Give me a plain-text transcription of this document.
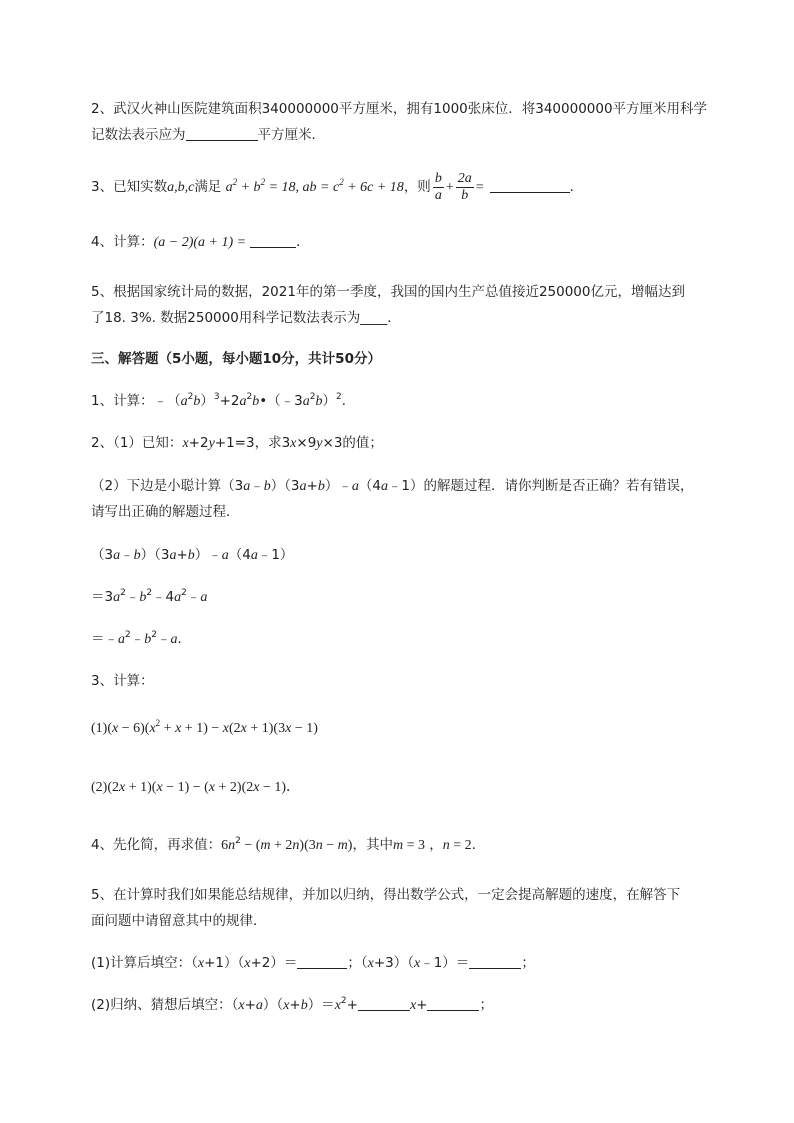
2、武汉火神山医院建筑面积340000000平方厘米，拥有1000张床位．将340000000平方厘米用科学
记数法表示应为	平方厘米．
3、已知实数a,b,c满足 $a^2 + b^2 = 18$, ab = $c^2 + 6c + 18$，则 $\frac{b}{a} + \frac{2a}{b}$ =	．
4、计算：(a − 2)(a + 1) =	．
5、根据国家统计局的数据，2021年的第一季度，我国的国内生产总值接近250000亿元，增幅达到
了18. 3%. 数据250000用科学记数法表示为____．
三、解答题（5小题，每小题10分，共计50分）
1、计算：$﹣(a^2b)^3+2a^2b•(﹣3a^2b)^2$．
2、（1）已知：x+2y+1=3，求3x×9y×3的值；
（2）下边是小聪计算（3a﹣b）（3a+b）﹣a（4a﹣1）的解题过程．请你判断是否正确？若有错误，
请写出正确的解题过程．
（3a﹣b）（3a+b）﹣a（4a﹣1）
$=3a^2﹣b^2﹣4a^2﹣a$
$=﹣a^2﹣b^2﹣a$．
3、计算：
$(1)(x - 6)(x^2 + x + 1) - x(2x + 1)(3x - 1)$
(2)(2x + 1)(x − 1) − (x + 2)(2x − 1)．
4、先化简，再求值：$6n^2 - (m + 2n)(3n - m)$，其中m = 3 ，n = 2．
5、在计算时我们如果能总结规律，并加以归纳，得出数学公式，一定会提高解题的速度，在解答下
面问题中请留意其中的规律．
(1)计算后填空：（x+1）（x+2）＝	；（x+3）（x﹣1）＝	；
(2)归纳、猜想后填空：$(x+a)(x+b)=x^2+$	x+	；
